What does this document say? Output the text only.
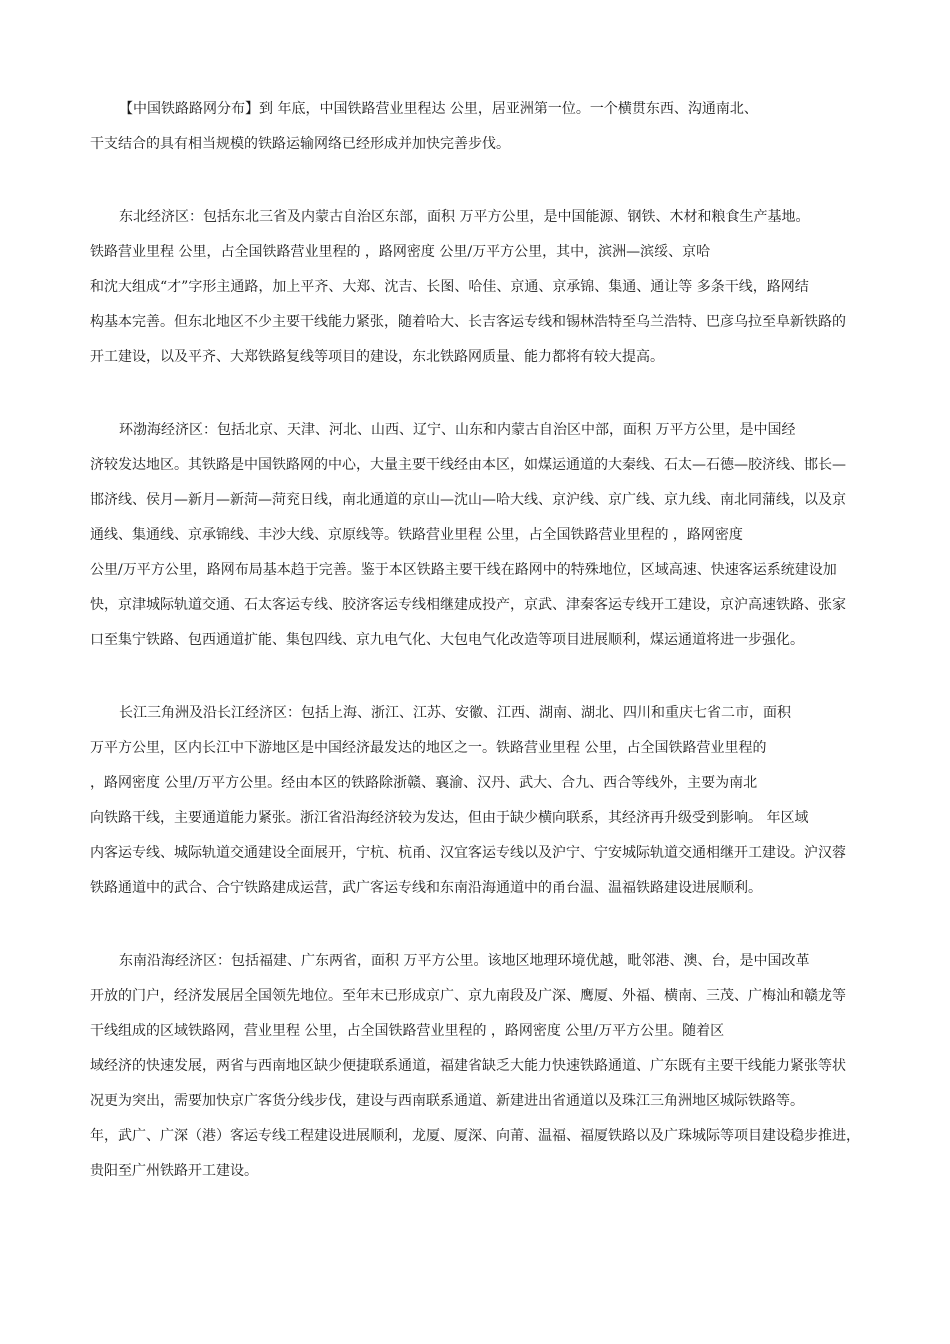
【中国铁路路网分布】到 年底，中国铁路营业里程达 公里，居亚洲第一位。一个横贯东西、沟通南北、
干支结合的具有相当规模的铁路运输网络已经形成并加快完善步伐。
东北经济区：包括东北三省及内蒙古自治区东部，面积 万平方公里，是中国能源、钢铁、木材和粮食生产基地。
铁路营业里程 公里，占全国铁路营业里程的 ，路网密度 公里/万平方公里，其中，滨洲—滨绥、京哈
和沈大组成“才”字形主通路，加上平齐、大郑、沈吉、长图、哈佳、京通、京承锦、集通、通让等 多条干线，路网结
构基本完善。但东北地区不少主要干线能力紧张，随着哈大、长吉客运专线和锡林浩特至乌兰浩特、巴彦乌拉至阜新铁路的
开工建设，以及平齐、大郑铁路复线等项目的建设，东北铁路网质量、能力都将有较大提高。
环渤海经济区：包括北京、天津、河北、山西、辽宁、山东和内蒙古自治区中部，面积 万平方公里，是中国经
济较发达地区。其铁路是中国铁路网的中心，大量主要干线经由本区，如煤运通道的大秦线、石太—石德—胶济线、邯长—
邯济线、侯月—新月—新菏—菏兖日线，南北通道的京山—沈山—哈大线、京沪线、京广线、京九线、南北同蒲线，以及京
通线、集通线、京承锦线、丰沙大线、京原线等。铁路营业里程 公里，占全国铁路营业里程的 ，路网密度
公里/万平方公里，路网布局基本趋于完善。鉴于本区铁路主要干线在路网中的特殊地位，区域高速、快速客运系统建设加
快，京津城际轨道交通、石太客运专线、胶济客运专线相继建成投产，京武、津秦客运专线开工建设，京沪高速铁路、张家
口至集宁铁路、包西通道扩能、集包四线、京九电气化、大包电气化改造等项目进展顺利，煤运通道将进一步强化。
长江三角洲及沿长江经济区：包括上海、浙江、江苏、安徽、江西、湖南、湖北、四川和重庆七省二市，面积
万平方公里，区内长江中下游地区是中国经济最发达的地区之一。铁路营业里程 公里，占全国铁路营业里程的
，路网密度 公里/万平方公里。经由本区的铁路除浙赣、襄渝、汉丹、武大、合九、西合等线外，主要为南北
向铁路干线，主要通道能力紧张。浙江省沿海经济较为发达，但由于缺少横向联系，其经济再升级受到影响。 年区域
内客运专线、城际轨道交通建设全面展开，宁杭、杭甬、汉宜客运专线以及沪宁、宁安城际轨道交通相继开工建设。沪汉蓉
铁路通道中的武合、合宁铁路建成运营，武广客运专线和东南沿海通道中的甬台温、温福铁路建设进展顺利。
东南沿海经济区：包括福建、广东两省，面积 万平方公里。该地区地理环境优越，毗邻港、澳、台，是中国改革
开放的门户，经济发展居全国领先地位。至年末已形成京广、京九南段及广深、鹰厦、外福、横南、三茂、广梅汕和赣龙等
干线组成的区域铁路网，营业里程 公里，占全国铁路营业里程的 ，路网密度 公里/万平方公里。随着区
域经济的快速发展，两省与西南地区缺少便捷联系通道，福建省缺乏大能力快速铁路通道、广东既有主要干线能力紧张等状
况更为突出，需要加快京广客货分线步伐，建设与西南联系通道、新建进出省通道以及珠江三角洲地区城际铁路等。
年，武广、广深（港）客运专线工程建设进展顺利，龙厦、厦深、向莆、温福、福厦铁路以及广珠城际等项目建设稳步推进，
贵阳至广州铁路开工建设。
